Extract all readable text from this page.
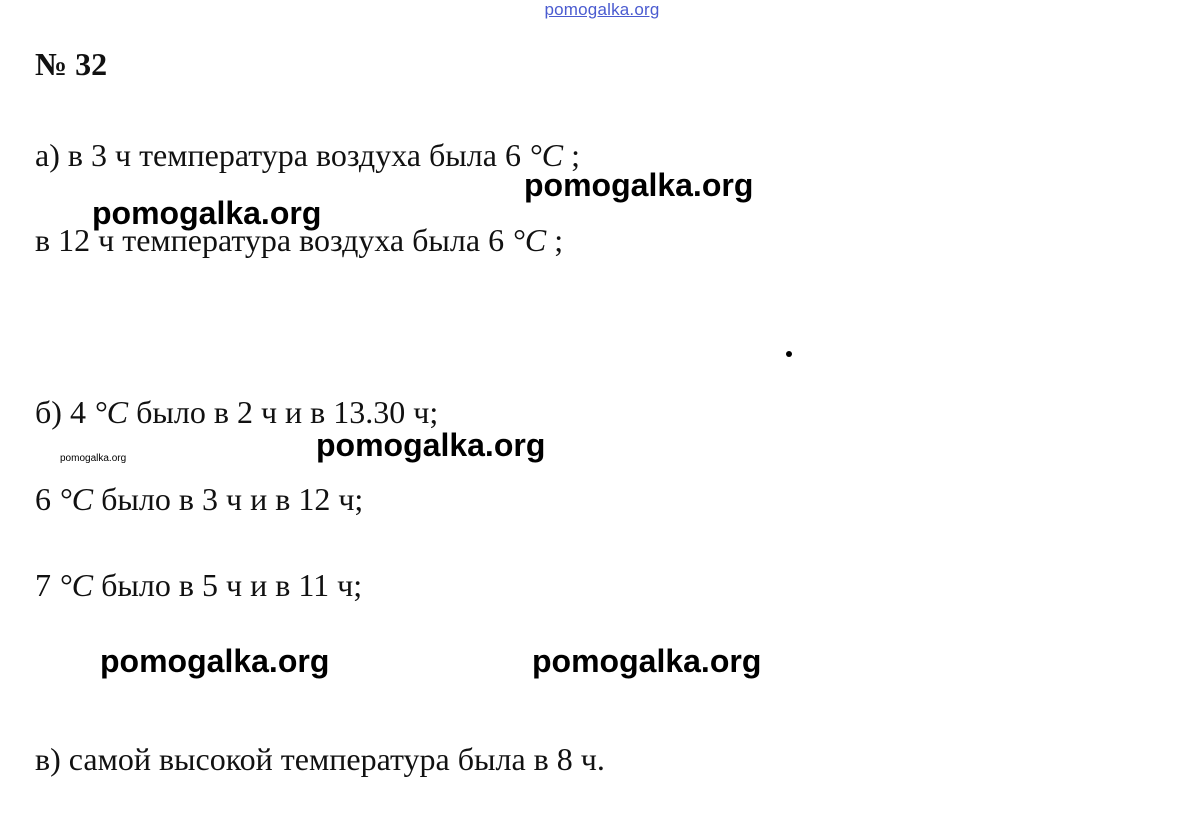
pomogalka.org
№ 32
а) в 3 ч температура воздуха была 6 °C ;
в 12 ч температура воздуха была 6 °C ;
б) 4 °C было в 2 ч и в 13.30 ч;
6 °C было в 3 ч и в 12 ч;
7 °C было в 5 ч и в 11 ч;
в) самой высокой температура была в 8 ч.
pomogalka.org
pomogalka.org
pomogalka.org
pomogalka.org	pomogalka.org
pomogalka.org
